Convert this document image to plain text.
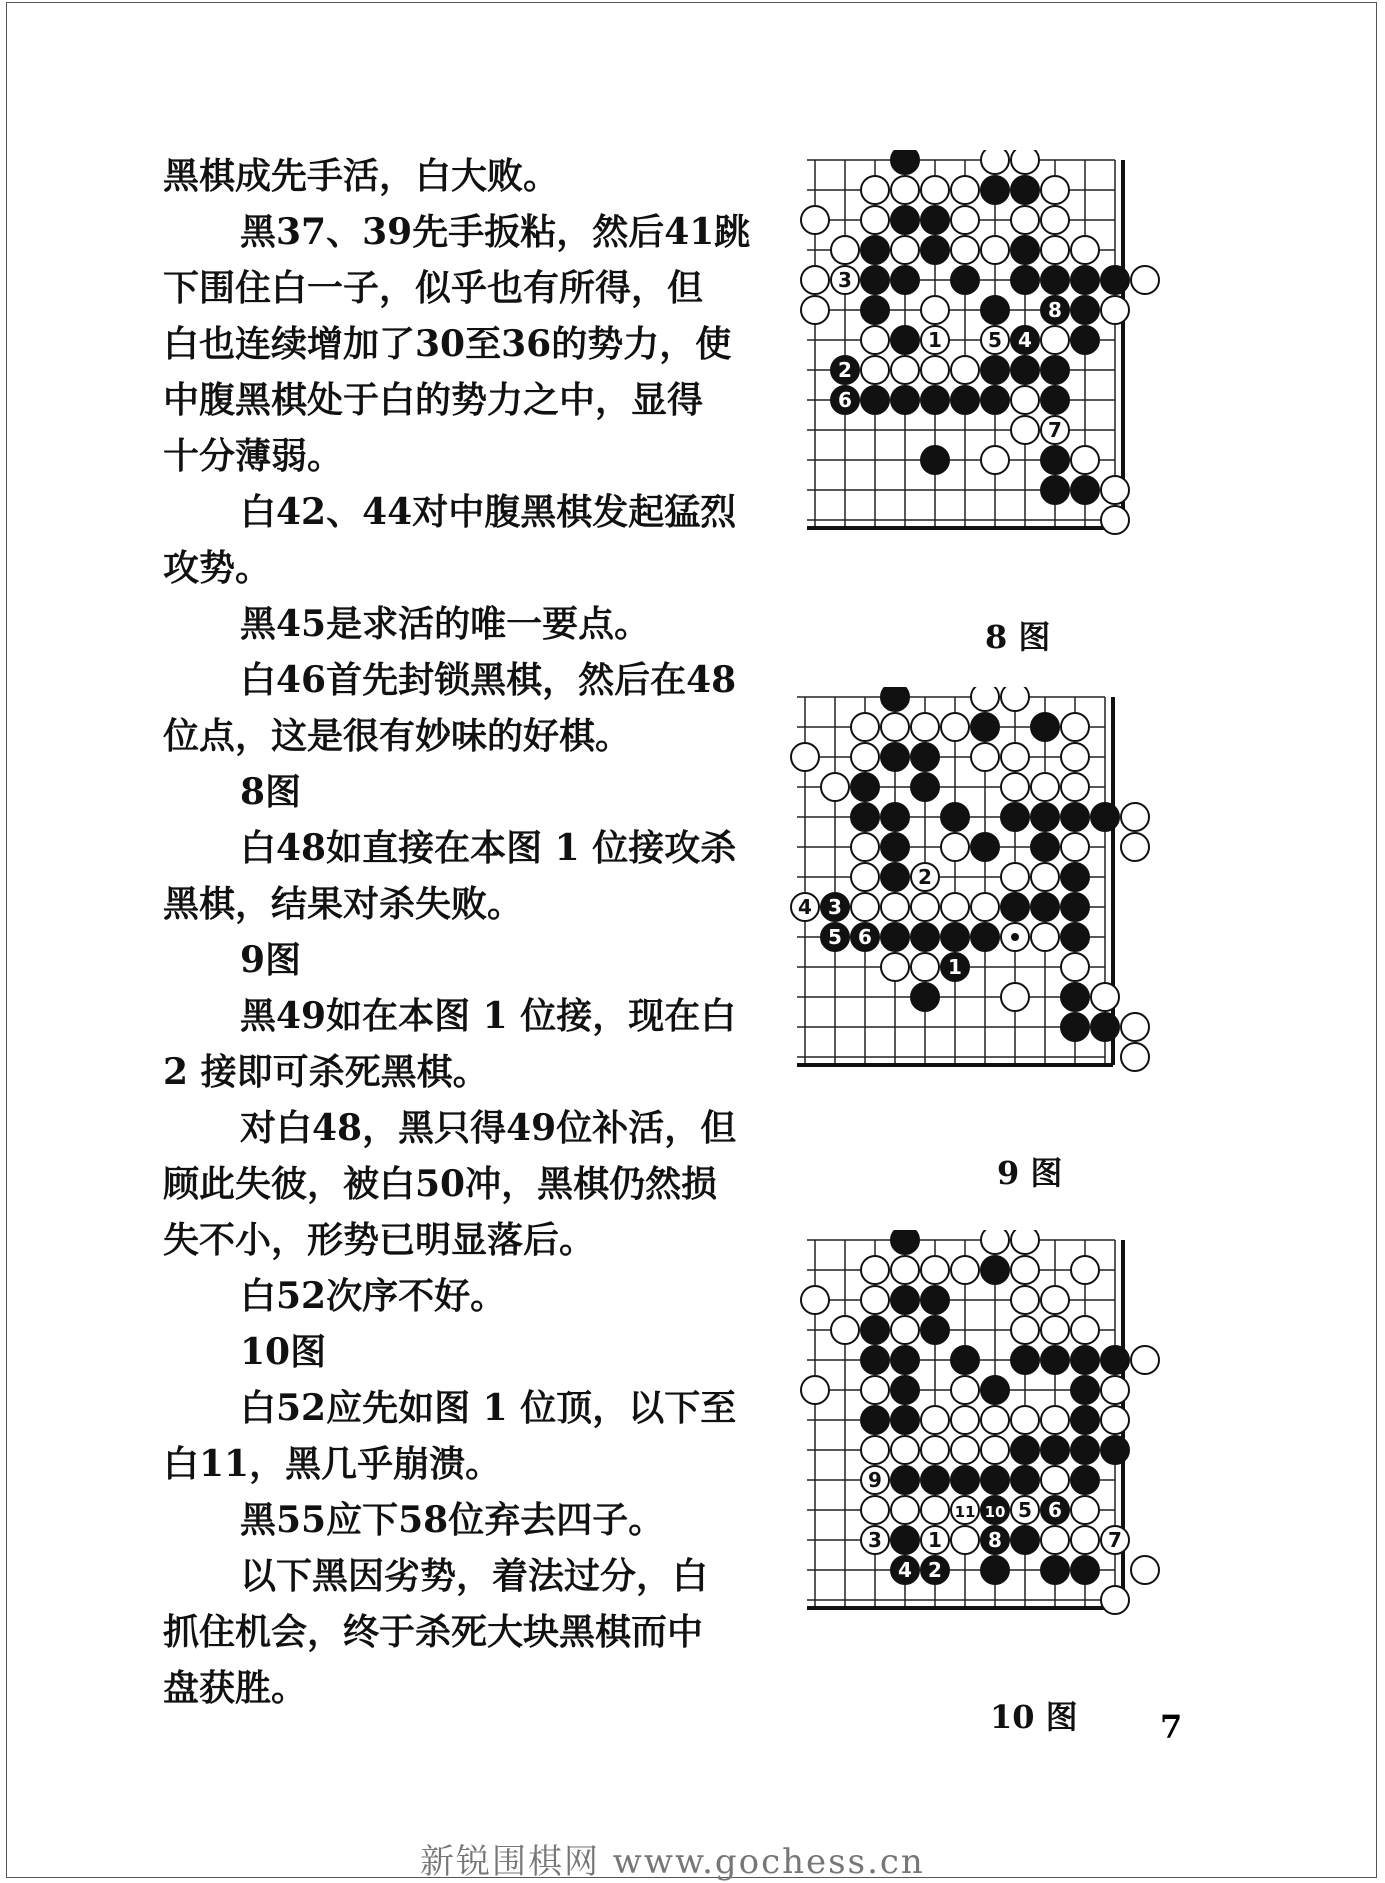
黑棋成先手活，白大败。
黑37、39先手扳粘，然后41跳
下围住白一子，似乎也有所得，但
白也连续增加了30至36的势力，使
中腹黑棋处于白的势力之中，显得
十分薄弱。
白42、44对中腹黑棋发起猛烈
攻势。
黑45是求活的唯一要点。
白46首先封锁黑棋，然后在48
位点，这是很有妙味的好棋。
8图
白48如直接在本图 1 位接攻杀
黑棋，结果对杀失败。
9图
黑49如在本图 1 位接，现在白
2 接即可杀死黑棋。
对白48，黑只得49位补活，但
顾此失彼，被白50冲，黑棋仍然损
失不小，形势已明显落后。
白52次序不好。
10图
白52应先如图 1 位顶，以下至
白11，黑几乎崩溃。
黑55应下58位弃去四子。
以下黑因劣势，着法过分，白
抓住机会，终于杀死大块黑棋而中
盘获胜。
3
8
1 5 4
2
6
7
8 图
2
4 3
5 6
1
9 图
9
11 10 5 6
3 1 8	7
4 2
10 图	7
新锐围棋网 www.gochess.cn
